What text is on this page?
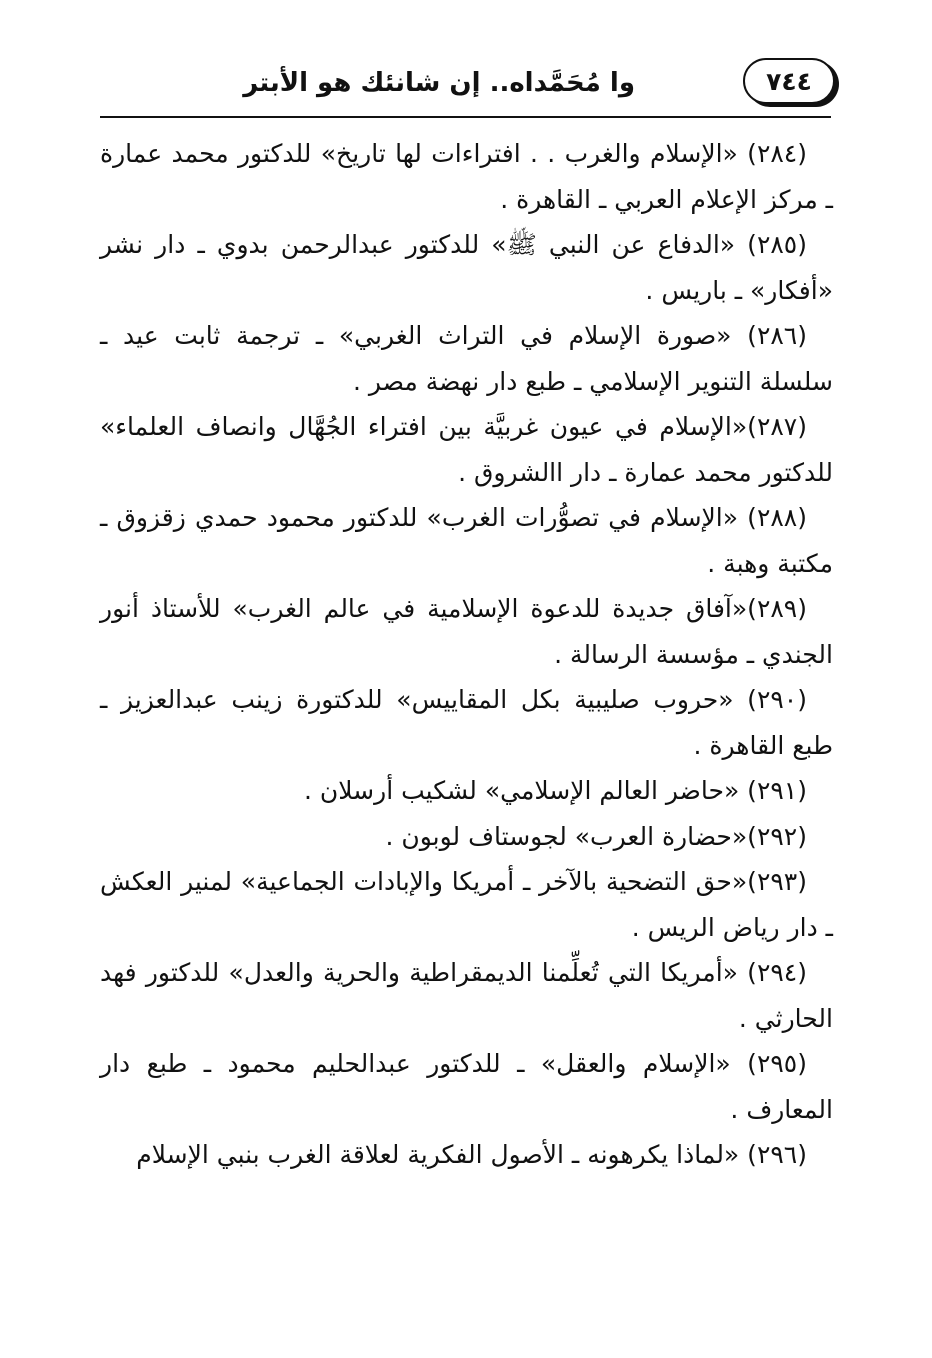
٧٤٤
وا مُحَمَّداه.. إن شانئك هو الأبتر

(٢٨٤) «الإسلام والغرب . . افتراءات لها تاريخ» للدكتور محمد عمارة ـ مركز الإعلام العربي ـ القاهرة .

(٢٨٥) «الدفاع عن النبي ﷺ» للدكتور عبدالرحمن بدوي ـ دار نشر «أفكار» ـ باريس .

(٢٨٦) «صورة الإسلام في التراث الغربي» ـ ترجمة ثابت عيد ـ سلسلة التنوير الإسلامي ـ طبع دار نهضة مصر .

(٢٨٧)«الإسلام في عيون غربيَّة بين افتراء الجُهَّال وانصاف العلماء» للدكتور محمد عمارة ـ دار االشروق .

(٢٨٨) «الإسلام في تصوُّرات الغرب» للدكتور محمود حمدي زقزوق ـ مكتبة وهبة .

(٢٨٩)«آفاق جديدة للدعوة الإسلامية في عالم الغرب» للأستاذ أنور الجندي ـ مؤسسة الرسالة .

(٢٩٠) «حروب صليبية بكل المقاييس» للدكتورة زينب عبدالعزيز ـ طبع القاهرة .

(٢٩١) «حاضر العالم الإسلامي» لشكيب أرسلان .

(٢٩٢)«حضارة العرب» لجوستاف لوبون .

(٢٩٣)«حق التضحية بالآخر ـ أمريكا والإبادات الجماعية» لمنير العكش ـ دار رياض الريس .

(٢٩٤) «أمريكا التي تُعلِّمنا الديمقراطية والحرية والعدل» للدكتور فهد الحارثي .

(٢٩٥) «الإسلام والعقل» ـ للدكتور عبدالحليم محمود ـ طبع دار المعارف .

(٢٩٦) «لماذا يكرهونه ـ الأصول الفكرية لعلاقة الغرب بنبي الإسلام
